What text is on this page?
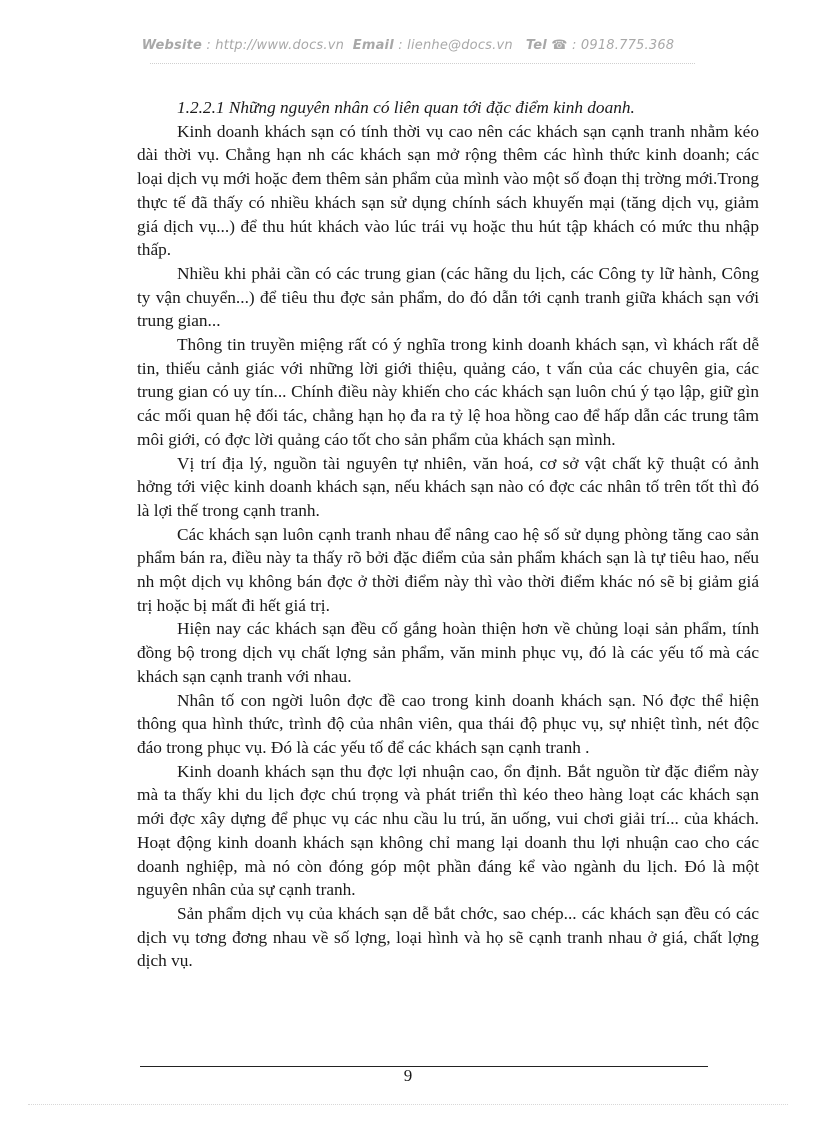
Website : http://www.docs.vn Email : lienhe@docs.vn Tel ☎ : 0918.775.368

1.2.2.1 Những nguyên nhân có liên quan tới đặc điểm kinh doanh.

Kinh doanh khách sạn có tính thời vụ cao nên các khách sạn cạnh tranh nhằm kéo dài thời vụ. Chẳng hạn nh các khách sạn mở rộng thêm các hình thức kinh doanh; các loại dịch vụ mới hoặc đem thêm sản phẩm của mình vào một số đoạn thị trờng mới.Trong thực tế đã thấy có nhiều khách sạn sử dụng chính sách khuyến mại (tăng dịch vụ, giảm giá dịch vụ...) để thu hút khách vào lúc trái vụ hoặc thu hút tập khách có mức thu nhập thấp.

Nhiều khi phải cần có các trung gian (các hãng du lịch, các Công ty lữ hành, Công ty vận chuyển...) để tiêu thu đợc sản phẩm, do đó dẫn tới cạnh tranh giữa khách sạn với trung gian...

Thông tin truyền miệng rất có ý nghĩa trong kinh doanh khách sạn, vì khách rất dễ tin, thiếu cảnh giác với những lời giới thiệu, quảng cáo, t vấn của các chuyên gia, các trung gian có uy tín... Chính điều này khiến cho các khách sạn luôn chú ý tạo lập, giữ gìn các mối quan hệ đối tác, chẳng hạn họ đa ra tỷ lệ hoa hồng cao để hấp dẫn các trung tâm môi giới, có đợc lời quảng cáo tốt cho sản phẩm của khách sạn mình.

Vị trí địa lý, nguồn tài nguyên tự nhiên, văn hoá, cơ sở vật chất kỹ thuật có ảnh hởng tới việc kinh doanh khách sạn, nếu khách sạn nào có đợc các nhân tố trên tốt thì đó là lợi thế trong cạnh tranh.

Các khách sạn luôn cạnh tranh nhau để nâng cao hệ số sử dụng phòng tăng cao sản phẩm bán ra, điều này ta thấy rõ bởi đặc điểm của sản phẩm khách sạn là tự tiêu hao, nếu nh một dịch vụ không bán đợc ở thời điểm này thì vào thời điểm khác nó sẽ bị giảm giá trị hoặc bị mất đi hết giá trị.

Hiện nay các khách sạn đều cố gắng hoàn thiện hơn về chủng loại sản phẩm, tính đồng bộ trong dịch vụ chất lợng sản phẩm, văn minh phục vụ, đó là các yếu tố mà các khách sạn cạnh tranh với nhau.

Nhân tố con ngời luôn đợc đề cao trong kinh doanh khách sạn. Nó đợc thể hiện thông qua hình thức, trình độ của nhân viên, qua thái độ phục vụ, sự nhiệt tình, nét độc đáo trong phục vụ. Đó là các yếu tố để các khách sạn cạnh tranh .

Kinh doanh khách sạn thu đợc lợi nhuận cao, ổn định. Bắt nguồn từ đặc điểm này mà ta thấy khi du lịch đợc chú trọng và phát triển thì kéo theo hàng loạt các khách sạn mới đợc xây dựng để phục vụ các nhu cầu lu trú, ăn uống, vui chơi giải trí... của khách. Hoạt động kinh doanh khách sạn không chỉ mang lại doanh thu lợi nhuận cao cho các doanh nghiệp, mà nó còn đóng góp một phần đáng kể vào ngành du lịch. Đó là một nguyên nhân của sự cạnh tranh.

Sản phẩm dịch vụ của khách sạn dễ bắt chớc, sao chép... các khách sạn đều có các dịch vụ tơng đơng nhau về số lợng, loại hình và họ sẽ cạnh tranh nhau ở giá, chất lợng dịch vụ.

9
